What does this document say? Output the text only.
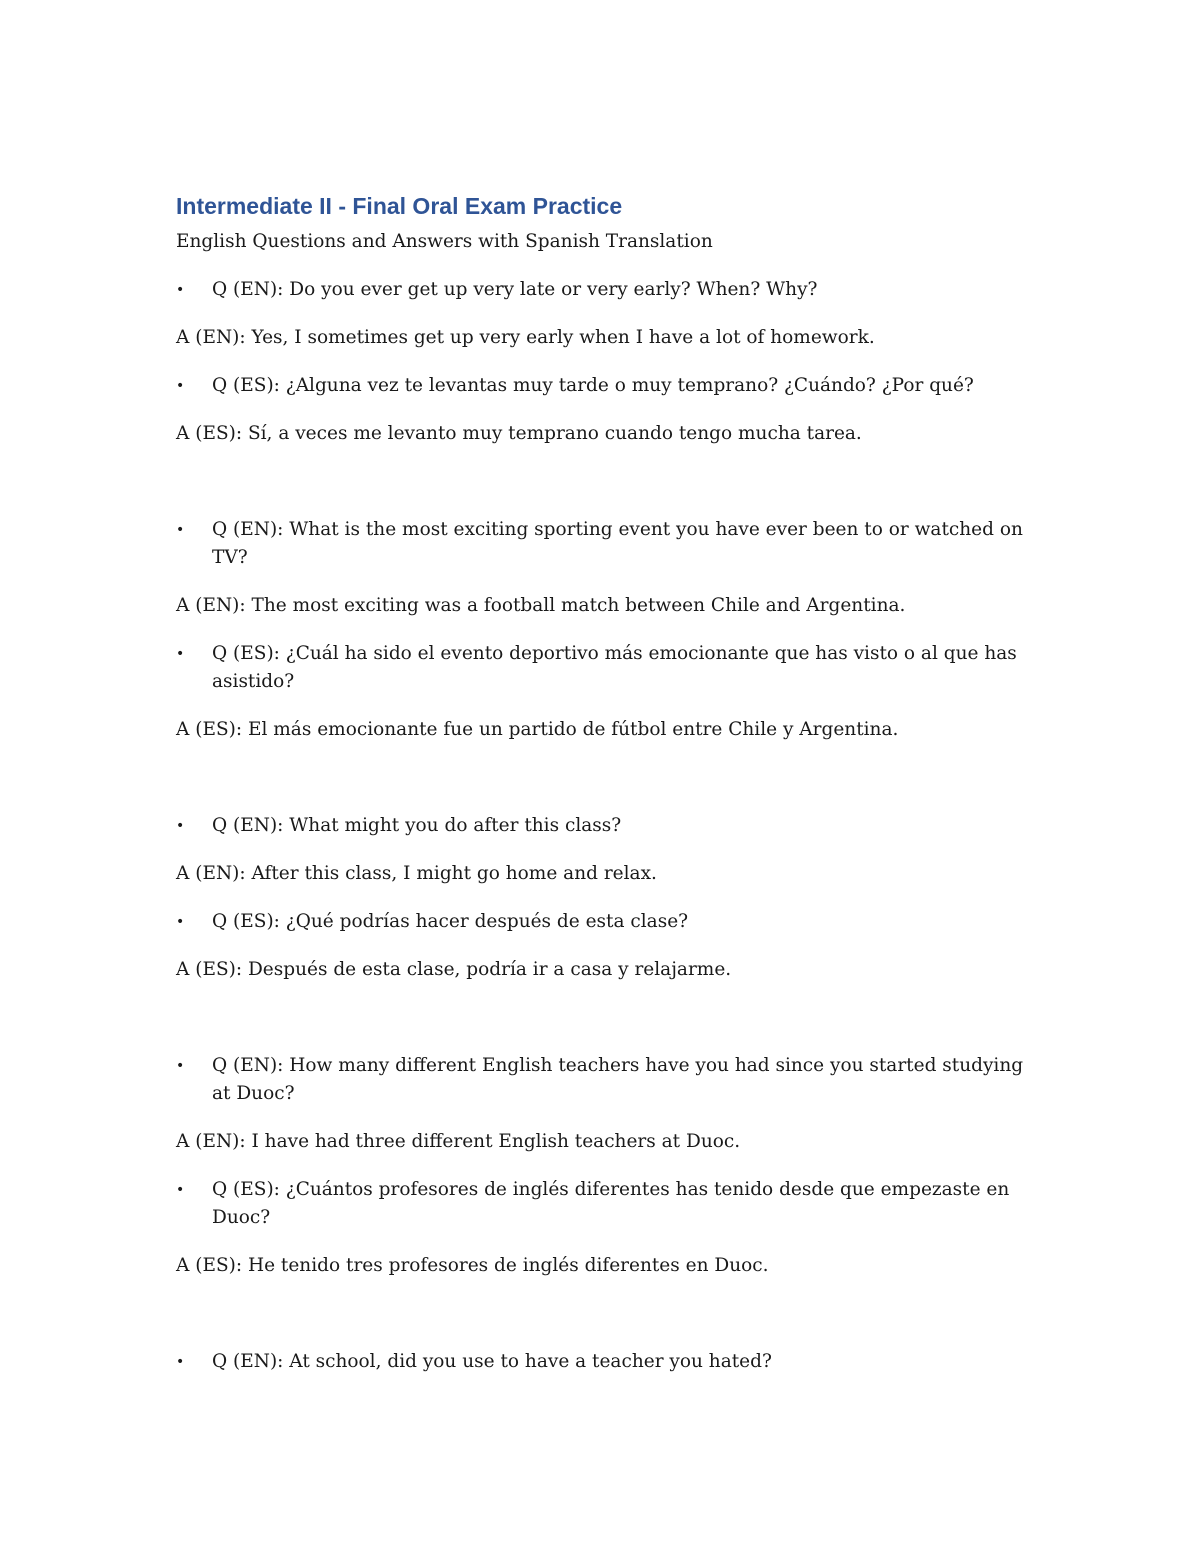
Intermediate II - Final Oral Exam Practice

English Questions and Answers with Spanish Translation

•	Q (EN): Do you ever get up very late or very early? When? Why?

A (EN): Yes, I sometimes get up very early when I have a lot of homework.

•	Q (ES): ¿Alguna vez te levantas muy tarde o muy temprano? ¿Cuándo? ¿Por qué?

A (ES): Sí, a veces me levanto muy temprano cuando tengo mucha tarea.

•	Q (EN): What is the most exciting sporting event you have ever been to or watched on TV?

A (EN): The most exciting was a football match between Chile and Argentina.

•	Q (ES): ¿Cuál ha sido el evento deportivo más emocionante que has visto o al que has asistido?

A (ES): El más emocionante fue un partido de fútbol entre Chile y Argentina.

•	Q (EN): What might you do after this class?

A (EN): After this class, I might go home and relax.

•	Q (ES): ¿Qué podrías hacer después de esta clase?

A (ES): Después de esta clase, podría ir a casa y relajarme.

•	Q (EN): How many different English teachers have you had since you started studying at Duoc?

A (EN): I have had three different English teachers at Duoc.

•	Q (ES): ¿Cuántos profesores de inglés diferentes has tenido desde que empezaste en Duoc?

A (ES): He tenido tres profesores de inglés diferentes en Duoc.

•	Q (EN): At school, did you use to have a teacher you hated?
